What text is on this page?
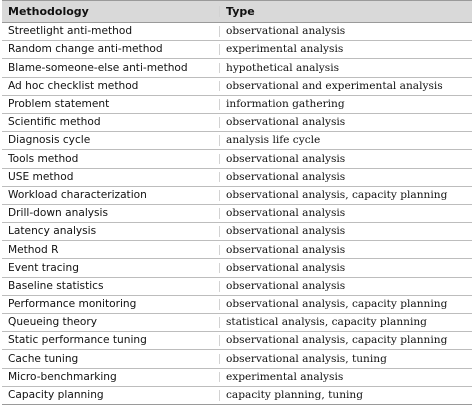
Methodology	Type
Streetlight anti-method	observational analysis
Random change anti-method	experimental analysis
Blame-someone-else anti-method	hypothetical analysis
Ad hoc checklist method	observational and experimental analysis
Problem statement	information gathering
Scientific method	observational analysis
Diagnosis cycle	analysis life cycle
Tools method	observational analysis
USE method	observational analysis
Workload characterization	observational analysis, capacity planning
Drill-down analysis	observational analysis
Latency analysis	observational analysis
Method R	observational analysis
Event tracing	observational analysis
Baseline statistics	observational analysis
Performance monitoring	observational analysis, capacity planning
Queueing theory	statistical analysis, capacity planning
Static performance tuning	observational analysis, capacity planning
Cache tuning	observational analysis, tuning
Micro-benchmarking	experimental analysis
Capacity planning	capacity planning, tuning
